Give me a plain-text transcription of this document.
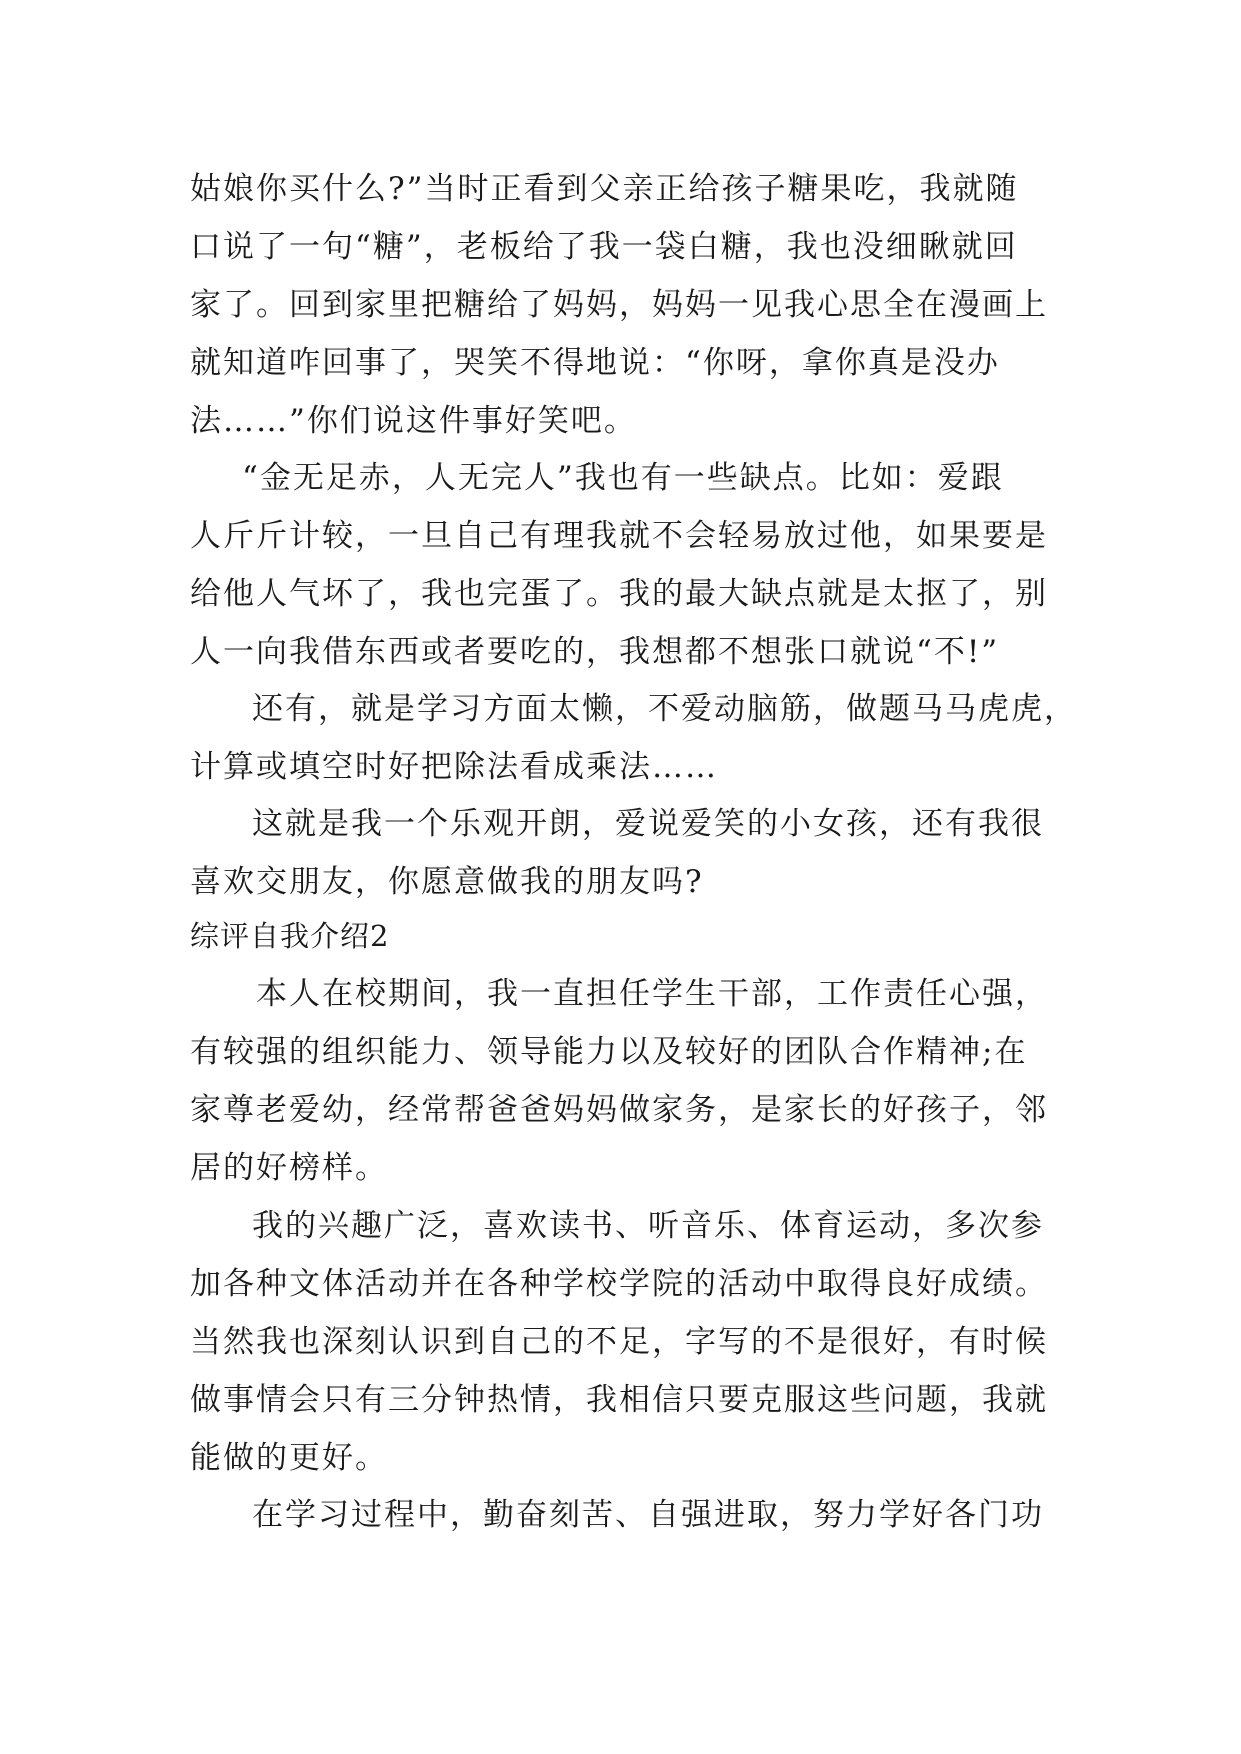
姑娘你买什么?”当时正看到父亲正给孩子糖果吃，我就随
口说了一句“糖”，老板给了我一袋白糖，我也没细瞅就回
家了。回到家里把糖给了妈妈，妈妈一见我心思全在漫画上
就知道咋回事了，哭笑不得地说：“你呀，拿你真是没办
法……”你们说这件事好笑吧。
“金无足赤，人无完人”我也有一些缺点。比如：爱跟
人斤斤计较，一旦自己有理我就不会轻易放过他，如果要是
给他人气坏了，我也完蛋了。我的最大缺点就是太抠了，别
人一向我借东西或者要吃的，我想都不想张口就说“不!”
还有，就是学习方面太懒，不爱动脑筋，做题马马虎虎，
计算或填空时好把除法看成乘法……
这就是我一个乐观开朗，爱说爱笑的小女孩，还有我很
喜欢交朋友，你愿意做我的朋友吗?
综评自我介绍2
本人在校期间，我一直担任学生干部，工作责任心强，
有较强的组织能力、领导能力以及较好的团队合作精神;在
家尊老爱幼，经常帮爸爸妈妈做家务，是家长的好孩子，邻
居的好榜样。
我的兴趣广泛，喜欢读书、听音乐、体育运动，多次参
加各种文体活动并在各种学校学院的活动中取得良好成绩。
当然我也深刻认识到自己的不足，字写的不是很好，有时候
做事情会只有三分钟热情，我相信只要克服这些问题，我就
能做的更好。
在学习过程中，勤奋刻苦、自强进取，努力学好各门功
